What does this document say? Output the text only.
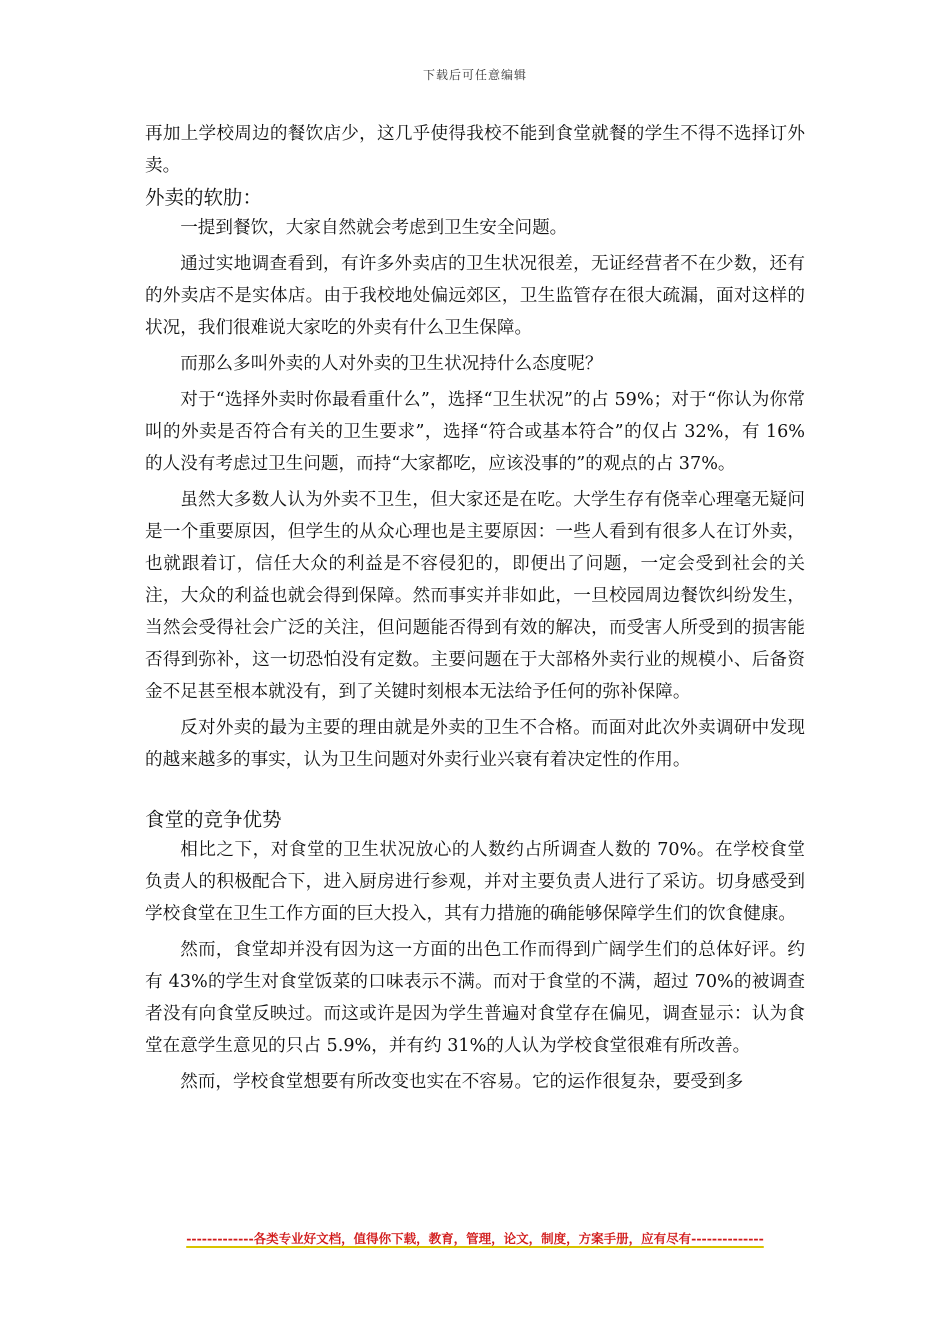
下载后可任意编辑

再加上学校周边的餐饮店少，这几乎使得我校不能到食堂就餐的学生不得不选择订外卖。

外卖的软肋：

一提到餐饮，大家自然就会考虑到卫生安全问题。

通过实地调查看到，有许多外卖店的卫生状况很差，无证经营者不在少数，还有的外卖店不是实体店。由于我校地处偏远郊区，卫生监管存在很大疏漏，面对这样的状况，我们很难说大家吃的外卖有什么卫生保障。

而那么多叫外卖的人对外卖的卫生状况持什么态度呢？

对于“选择外卖时你最看重什么”，选择“卫生状况”的占 59%；对于“你认为你常叫的外卖是否符合有关的卫生要求”，选择“符合或基本符合”的仅占 32%，有 16%的人没有考虑过卫生问题，而持“大家都吃，应该没事的”的观点的占 37%。

虽然大多数人认为外卖不卫生，但大家还是在吃。大学生存有侥幸心理毫无疑问是一个重要原因，但学生的从众心理也是主要原因：一些人看到有很多人在订外卖，也就跟着订，信任大众的利益是不容侵犯的，即便出了问题，一定会受到社会的关注，大众的利益也就会得到保障。然而事实并非如此，一旦校园周边餐饮纠纷发生，当然会受得社会广泛的关注，但问题能否得到有效的解决，而受害人所受到的损害能否得到弥补，这一切恐怕没有定数。主要问题在于大部格外卖行业的规模小、后备资金不足甚至根本就没有，到了关键时刻根本无法给予任何的弥补保障。

反对外卖的最为主要的理由就是外卖的卫生不合格。而面对此次外卖调研中发现的越来越多的事实，认为卫生问题对外卖行业兴衰有着决定性的作用。

食堂的竞争优势

相比之下，对食堂的卫生状况放心的人数约占所调查人数的 70%。在学校食堂负责人的积极配合下，进入厨房进行参观，并对主要负责人进行了采访。切身感受到学校食堂在卫生工作方面的巨大投入，其有力措施的确能够保障学生们的饮食健康。

然而，食堂却并没有因为这一方面的出色工作而得到广阔学生们的总体好评。约有 43%的学生对食堂饭菜的口味表示不满。而对于食堂的不满，超过 70%的被调查者没有向食堂反映过。而这或许是因为学生普遍对食堂存在偏见，调查显示：认为食堂在意学生意见的只占 5.9%，并有约 31%的人认为学校食堂很难有所改善。

然而，学校食堂想要有所改变也实在不容易。它的运作很复杂，要受到多

-------------各类专业好文档，值得你下载，教育，管理，论文，制度，方案手册，应有尽有--------------
